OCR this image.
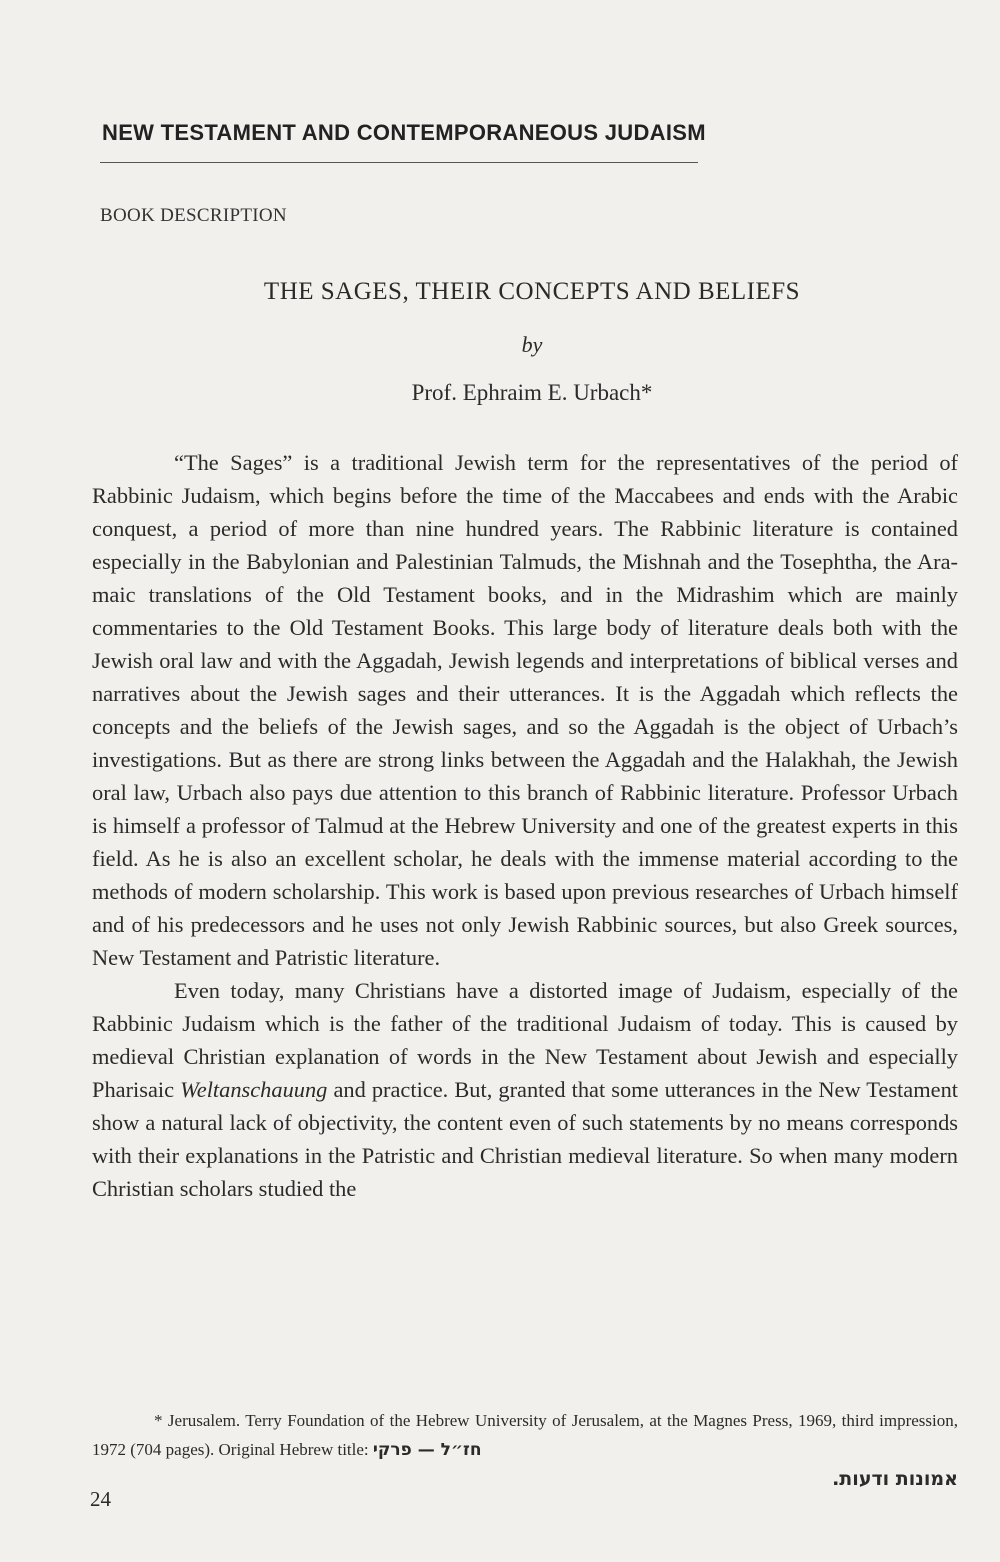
NEW TESTAMENT AND CONTEMPORANEOUS JUDAISM
BOOK DESCRIPTION
THE SAGES, THEIR CONCEPTS AND BELIEFS
by
Prof. Ephraim E. Urbach*

“The Sages” is a traditional Jewish term for the representatives of the period of Rabbinic Judaism, which begins before the time of the Maccabees and ends with the Arabic conquest, a period of more than nine hundred years. The Rabbinic literature is contained especially in the Babylonian and Palestinian Talmuds, the Mishnah and the Tosephtha, the Aramaic translations of the Old Testament books, and in the Midrashim which are mainly commentaries to the Old Testament Books. This large body of literature deals both with the Jewish oral law and with the Aggadah, Jewish legends and interpretations of biblical verses and narratives about the Jewish sages and their utterances. It is the Aggadah which reflects the concepts and the beliefs of the Jewish sages, and so the Aggadah is the object of Urbach’s investigations. But as there are strong links between the Aggadah and the Halakhah, the Jewish oral law, Urbach also pays due attention to this branch of Rabbinic literature. Professor Urbach is himself a professor of Talmud at the Hebrew University and one of the greatest experts in this field. As he is also an excellent scholar, he deals with the immense material according to the methods of modern scholarship. This work is based upon previous researches of Urbach himself and of his predecessors and he uses not only Jewish Rabbinic sources, but also Greek sources, New Testament and Patristic literature.

Even today, many Christians have a distorted image of Judaism, especially of the Rabbinic Judaism which is the father of the traditional Judaism of today. This is caused by medieval Christian explanation of words in the New Testament about Jewish and especially Pharisaic Weltanschauung and practice. But, granted that some utterances in the New Testament show a natural lack of objectivity, the content even of such statements by no means corresponds with their explanations in the Patristic and Christian medieval literature. So when many modern Christian scholars studied the

* Jerusalem. Terry Foundation of the Hebrew University of Jerusalem, at the Magnes Press, 1969, third impression, 1972 (704 pages). Original Hebrew title: חז״ל — פרקי
אמונות ודעות.
24
